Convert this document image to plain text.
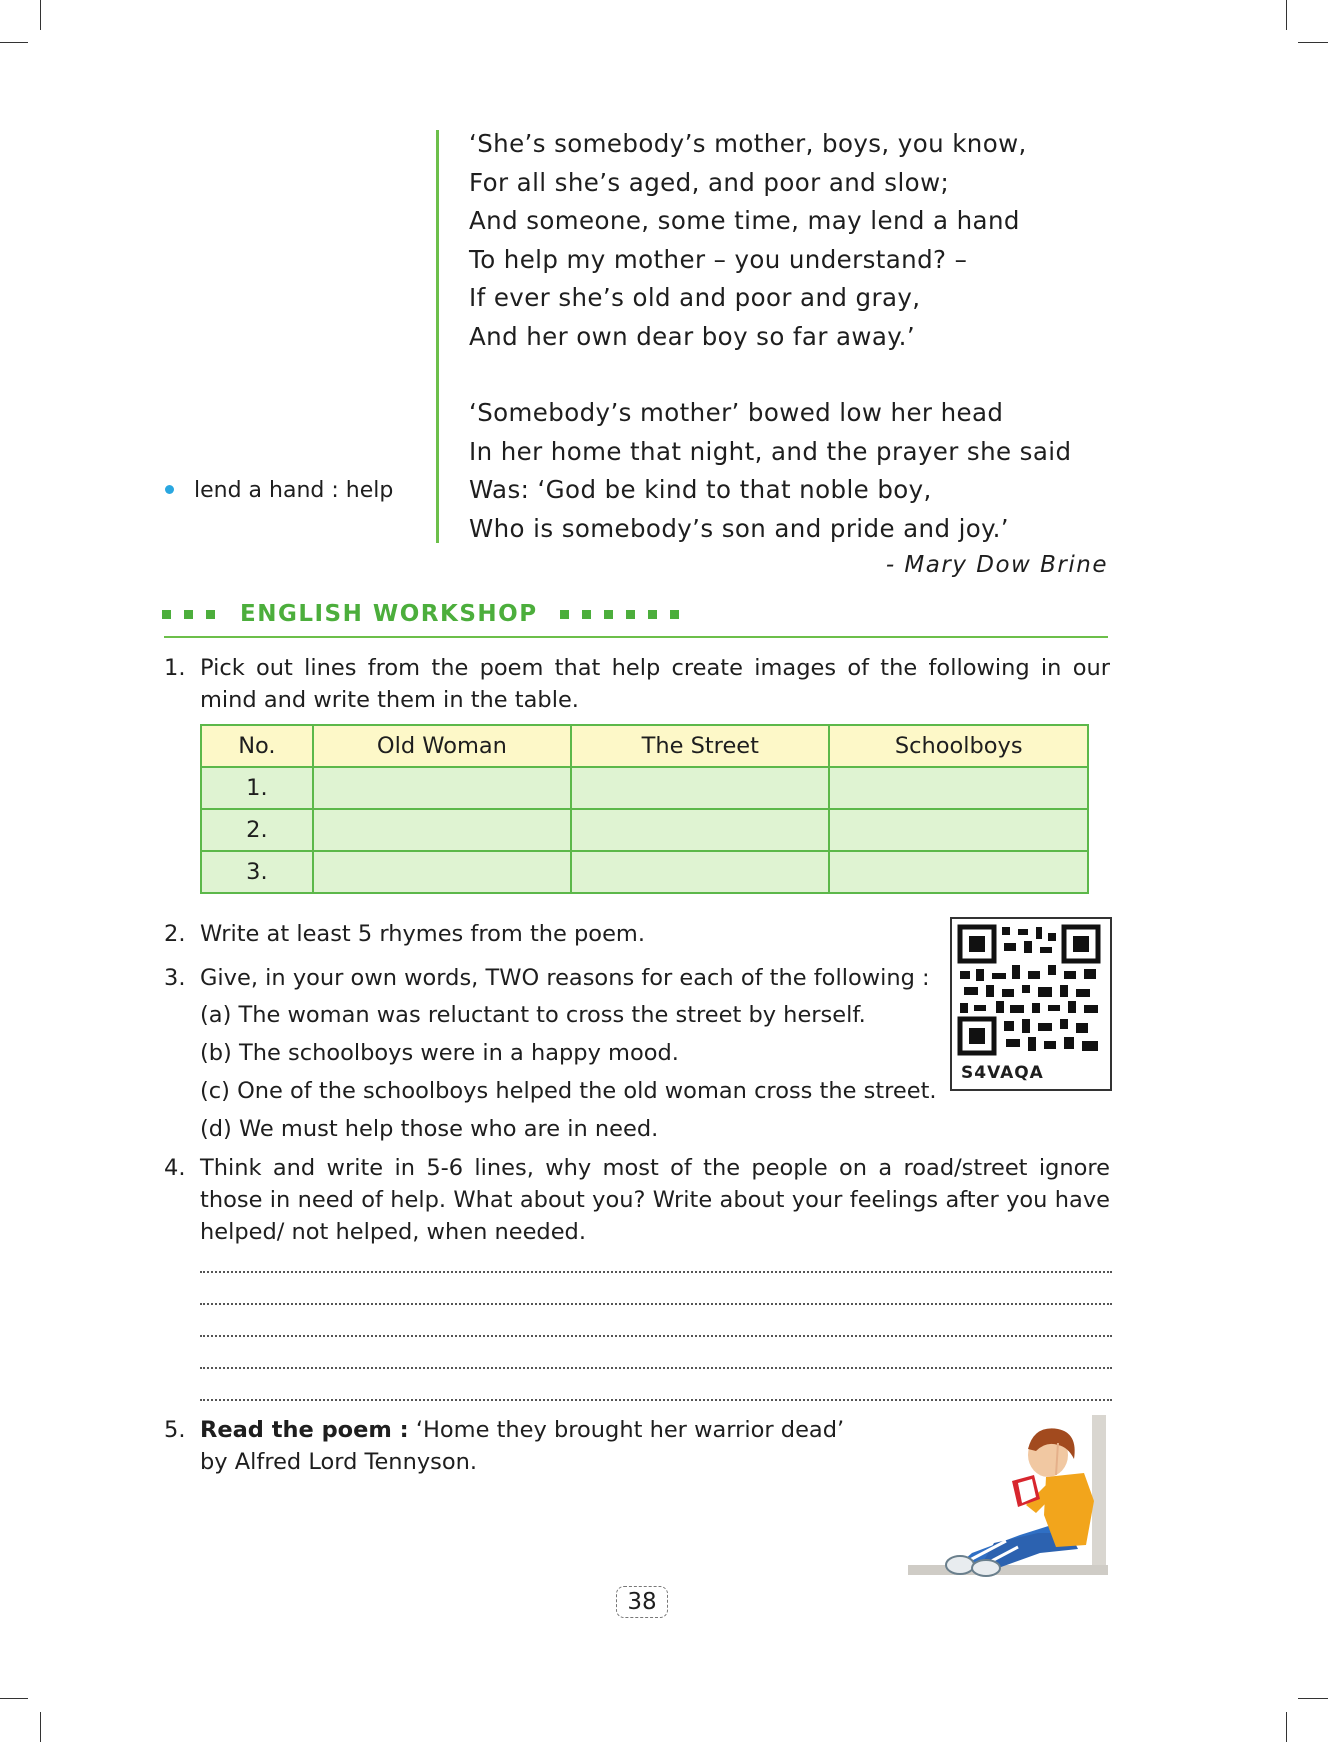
‘She’s somebody’s mother, boys, you know,
For all she’s aged, and poor and slow;
And someone, some time, may lend a hand
To help my mother – you understand? –
If ever she’s old and poor and gray,
And her own dear boy so far away.’
‘Somebody’s mother’ bowed low her head
In her home that night, and the prayer she said
Was: ‘God be kind to that noble boy,
Who is somebody’s son and pride and joy.’
lend a hand : help
- Mary Dow Brine
ENGLISH WORKSHOP
1. Pick out lines from the poem that help create images of the following in our mind and write them in the table.
No.	Old Woman	The Street	Schoolboys
1.			
2.			
3.			
2. Write at least 5 rhymes from the poem.
3. Give, in your own words, TWO reasons for each of the following :
(a) The woman was reluctant to cross the street by herself.
(b) The schoolboys were in a happy mood.
(c) One of the schoolboys helped the old woman cross the street.
(d) We must help those who are in need.
S4VAQA
4. Think and write in 5-6 lines, why most of the people on a road/street ignore those in need of help. What about you? Write about your feelings after you have helped/ not helped, when needed.
5. Read the poem : ‘Home they brought her warrior dead’
by Alfred Lord Tennyson.
38
